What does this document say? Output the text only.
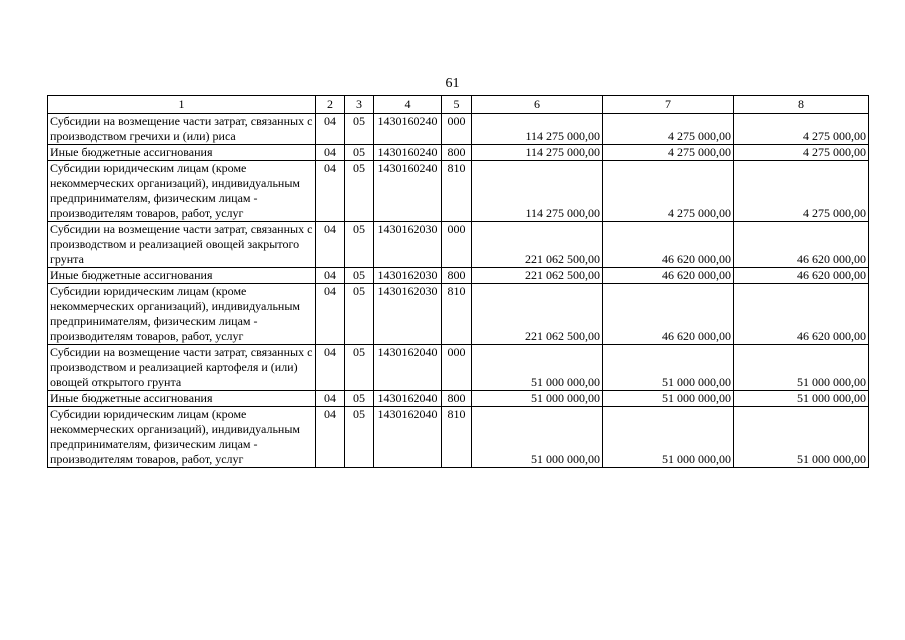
61
1	2	3	4	5	6	7	8
Субсидии на возмещение части затрат, связанных с производством гречихи и (или) риса	04	05	1430160240	000	114 275 000,00	4 275 000,00	4 275 000,00
Иные бюджетные ассигнования	04	05	1430160240	800	114 275 000,00	4 275 000,00	4 275 000,00
Субсидии юридическим лицам (кроме некоммерческих организаций), индивидуальным предпринимателям, физическим лицам - производителям товаров, работ, услуг	04	05	1430160240	810	114 275 000,00	4 275 000,00	4 275 000,00
Субсидии на возмещение части затрат, связанных с производством и реализацией овощей закрытого грунта	04	05	1430162030	000	221 062 500,00	46 620 000,00	46 620 000,00
Иные бюджетные ассигнования	04	05	1430162030	800	221 062 500,00	46 620 000,00	46 620 000,00
Субсидии юридическим лицам (кроме некоммерческих организаций), индивидуальным предпринимателям, физическим лицам - производителям товаров, работ, услуг	04	05	1430162030	810	221 062 500,00	46 620 000,00	46 620 000,00
Субсидии на возмещение части затрат, связанных с производством и реализацией картофеля и (или) овощей открытого грунта	04	05	1430162040	000	51 000 000,00	51 000 000,00	51 000 000,00
Иные бюджетные ассигнования	04	05	1430162040	800	51 000 000,00	51 000 000,00	51 000 000,00
Субсидии юридическим лицам (кроме некоммерческих организаций), индивидуальным предпринимателям, физическим лицам - производителям товаров, работ, услуг	04	05	1430162040	810	51 000 000,00	51 000 000,00	51 000 000,00
